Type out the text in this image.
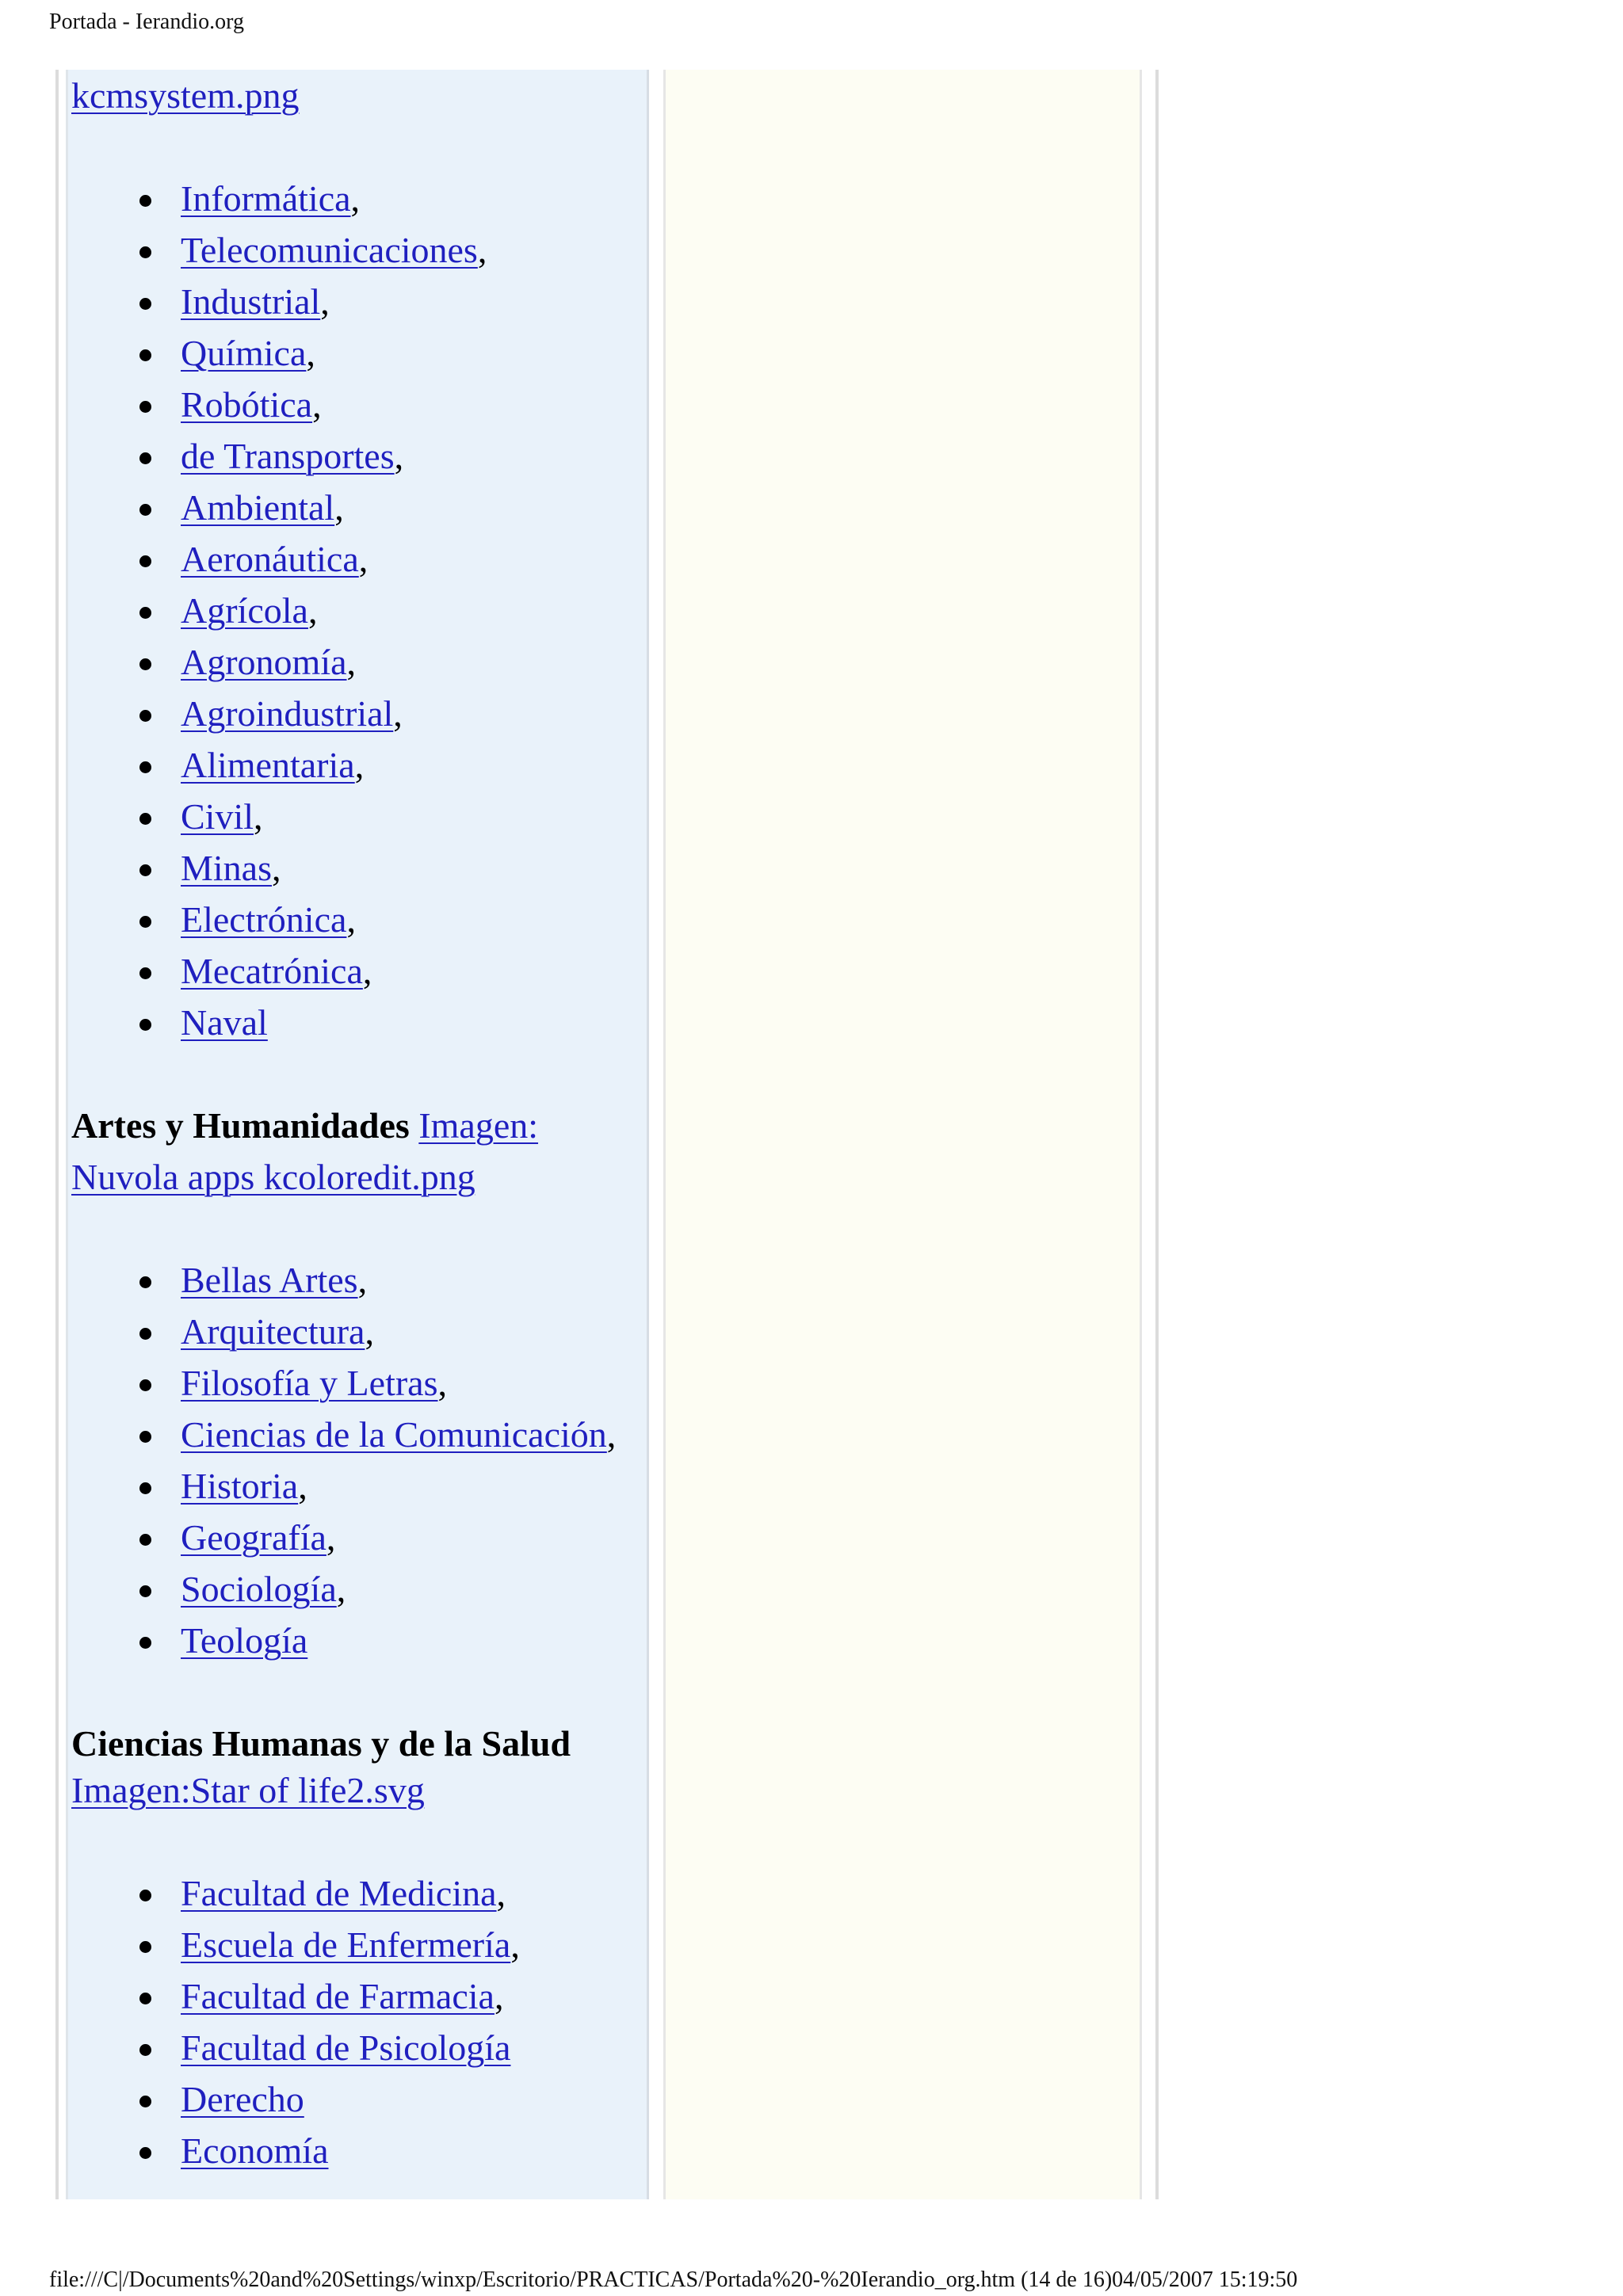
Portada - Ierandio.org
kcmsystem.png
Informática,
Telecomunicaciones,
Industrial,
Química,
Robótica,
de Transportes,
Ambiental,
Aeronáutica,
Agrícola,
Agronomía,
Agroindustrial,
Alimentaria,
Civil,
Minas,
Electrónica,
Mecatrónica,
Naval
Artes y Humanidades Imagen:
Nuvola apps kcoloredit.png
Bellas Artes,
Arquitectura,
Filosofía y Letras,
Ciencias de la Comunicación,
Historia,
Geografía,
Sociología,
Teología
Ciencias Humanas y de la Salud
Imagen:Star of life2.svg
Facultad de Medicina,
Escuela de Enfermería,
Facultad de Farmacia,
Facultad de Psicología
Derecho
Economía
file:///C|/Documents%20and%20Settings/winxp/Escritorio/PRACTICAS/Portada%20-%20Ierandio_org.htm (14 de 16)04/05/2007 15:19:50
